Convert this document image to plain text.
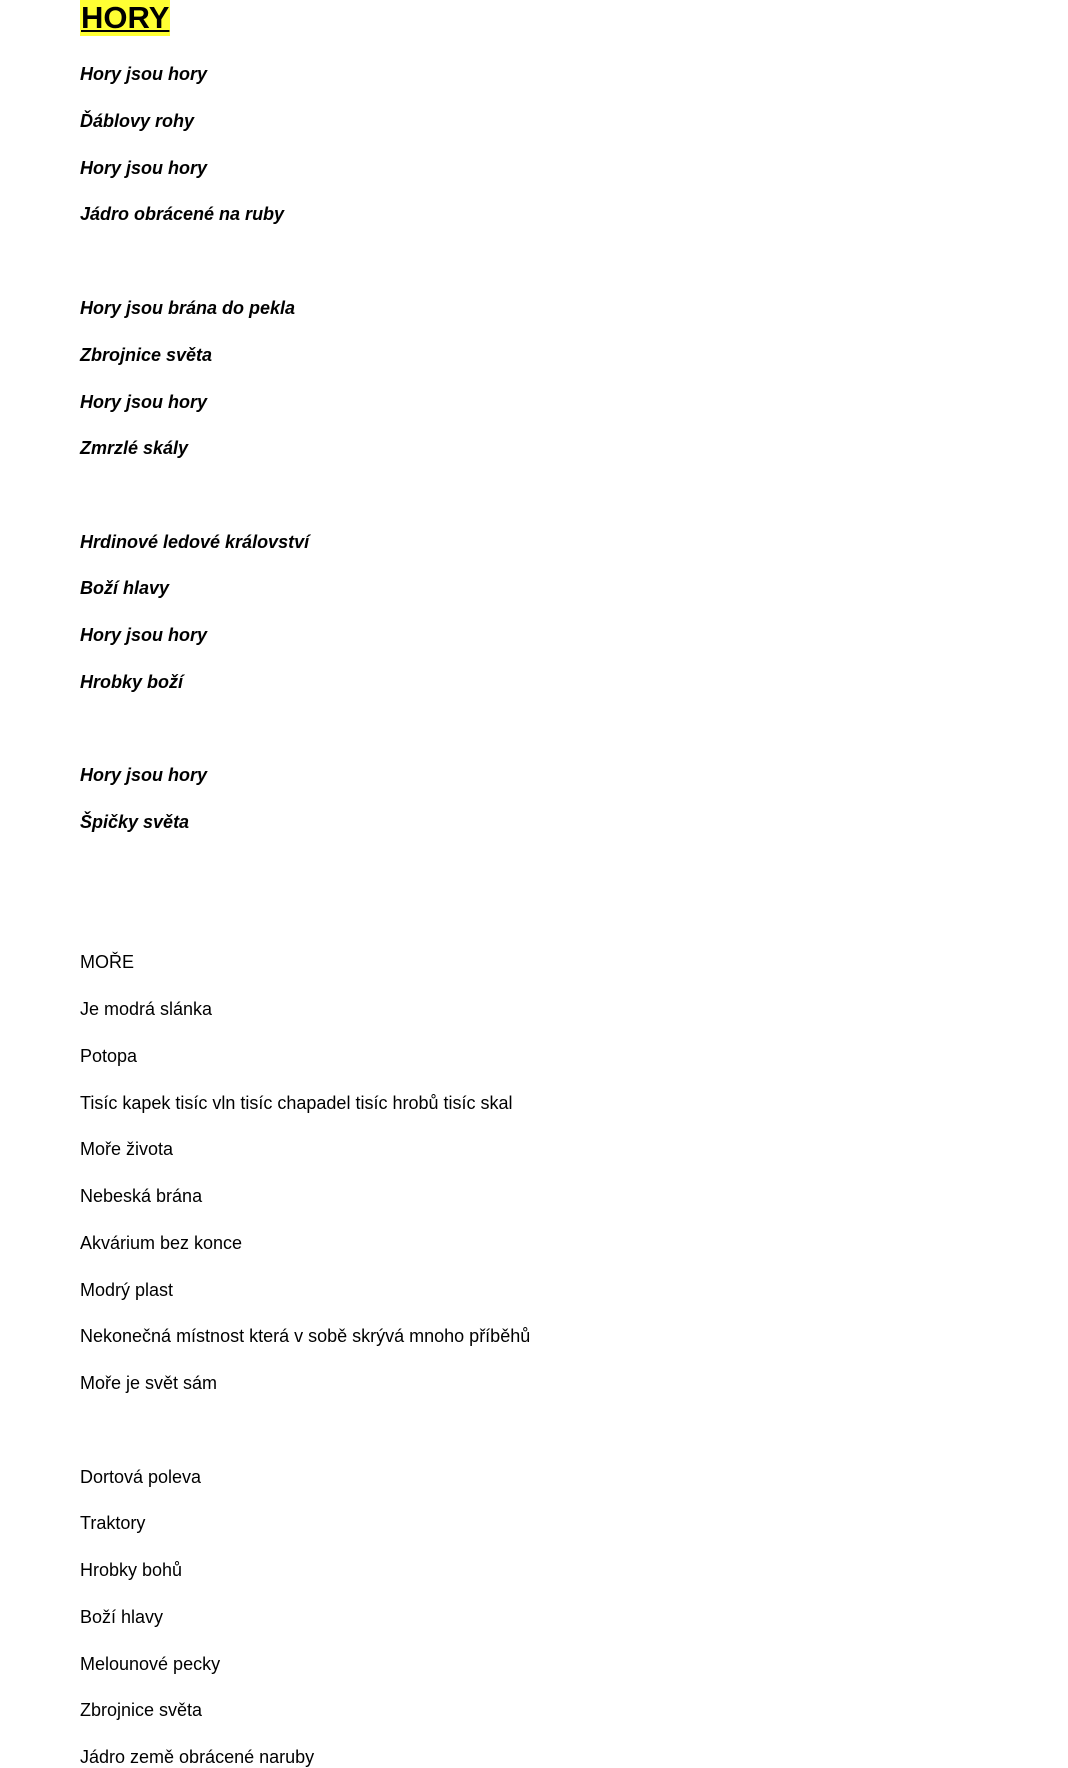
HORY
Hory jsou hory
Ďáblovy rohy
Hory jsou hory
Jádro obrácené na ruby
Hory jsou brána do pekla
Zbrojnice světa
Hory jsou hory
Zmrzlé skály
Hrdinové ledové království
Boží hlavy
Hory jsou hory
Hrobky boží
Hory jsou hory
Špičky světa
MOŘE
Je modrá slánka
Potopa
Tisíc kapek tisíc vln tisíc chapadel tisíc hrobů tisíc skal
Moře života
Nebeská brána
Akvárium bez konce
Modrý plast
Nekonečná místnost která v sobě skrývá mnoho příběhů
Moře je svět sám
Dortová poleva
Traktory
Hrobky bohů
Boží hlavy
Melounové pecky
Zbrojnice světa
Jádro země obrácené naruby
